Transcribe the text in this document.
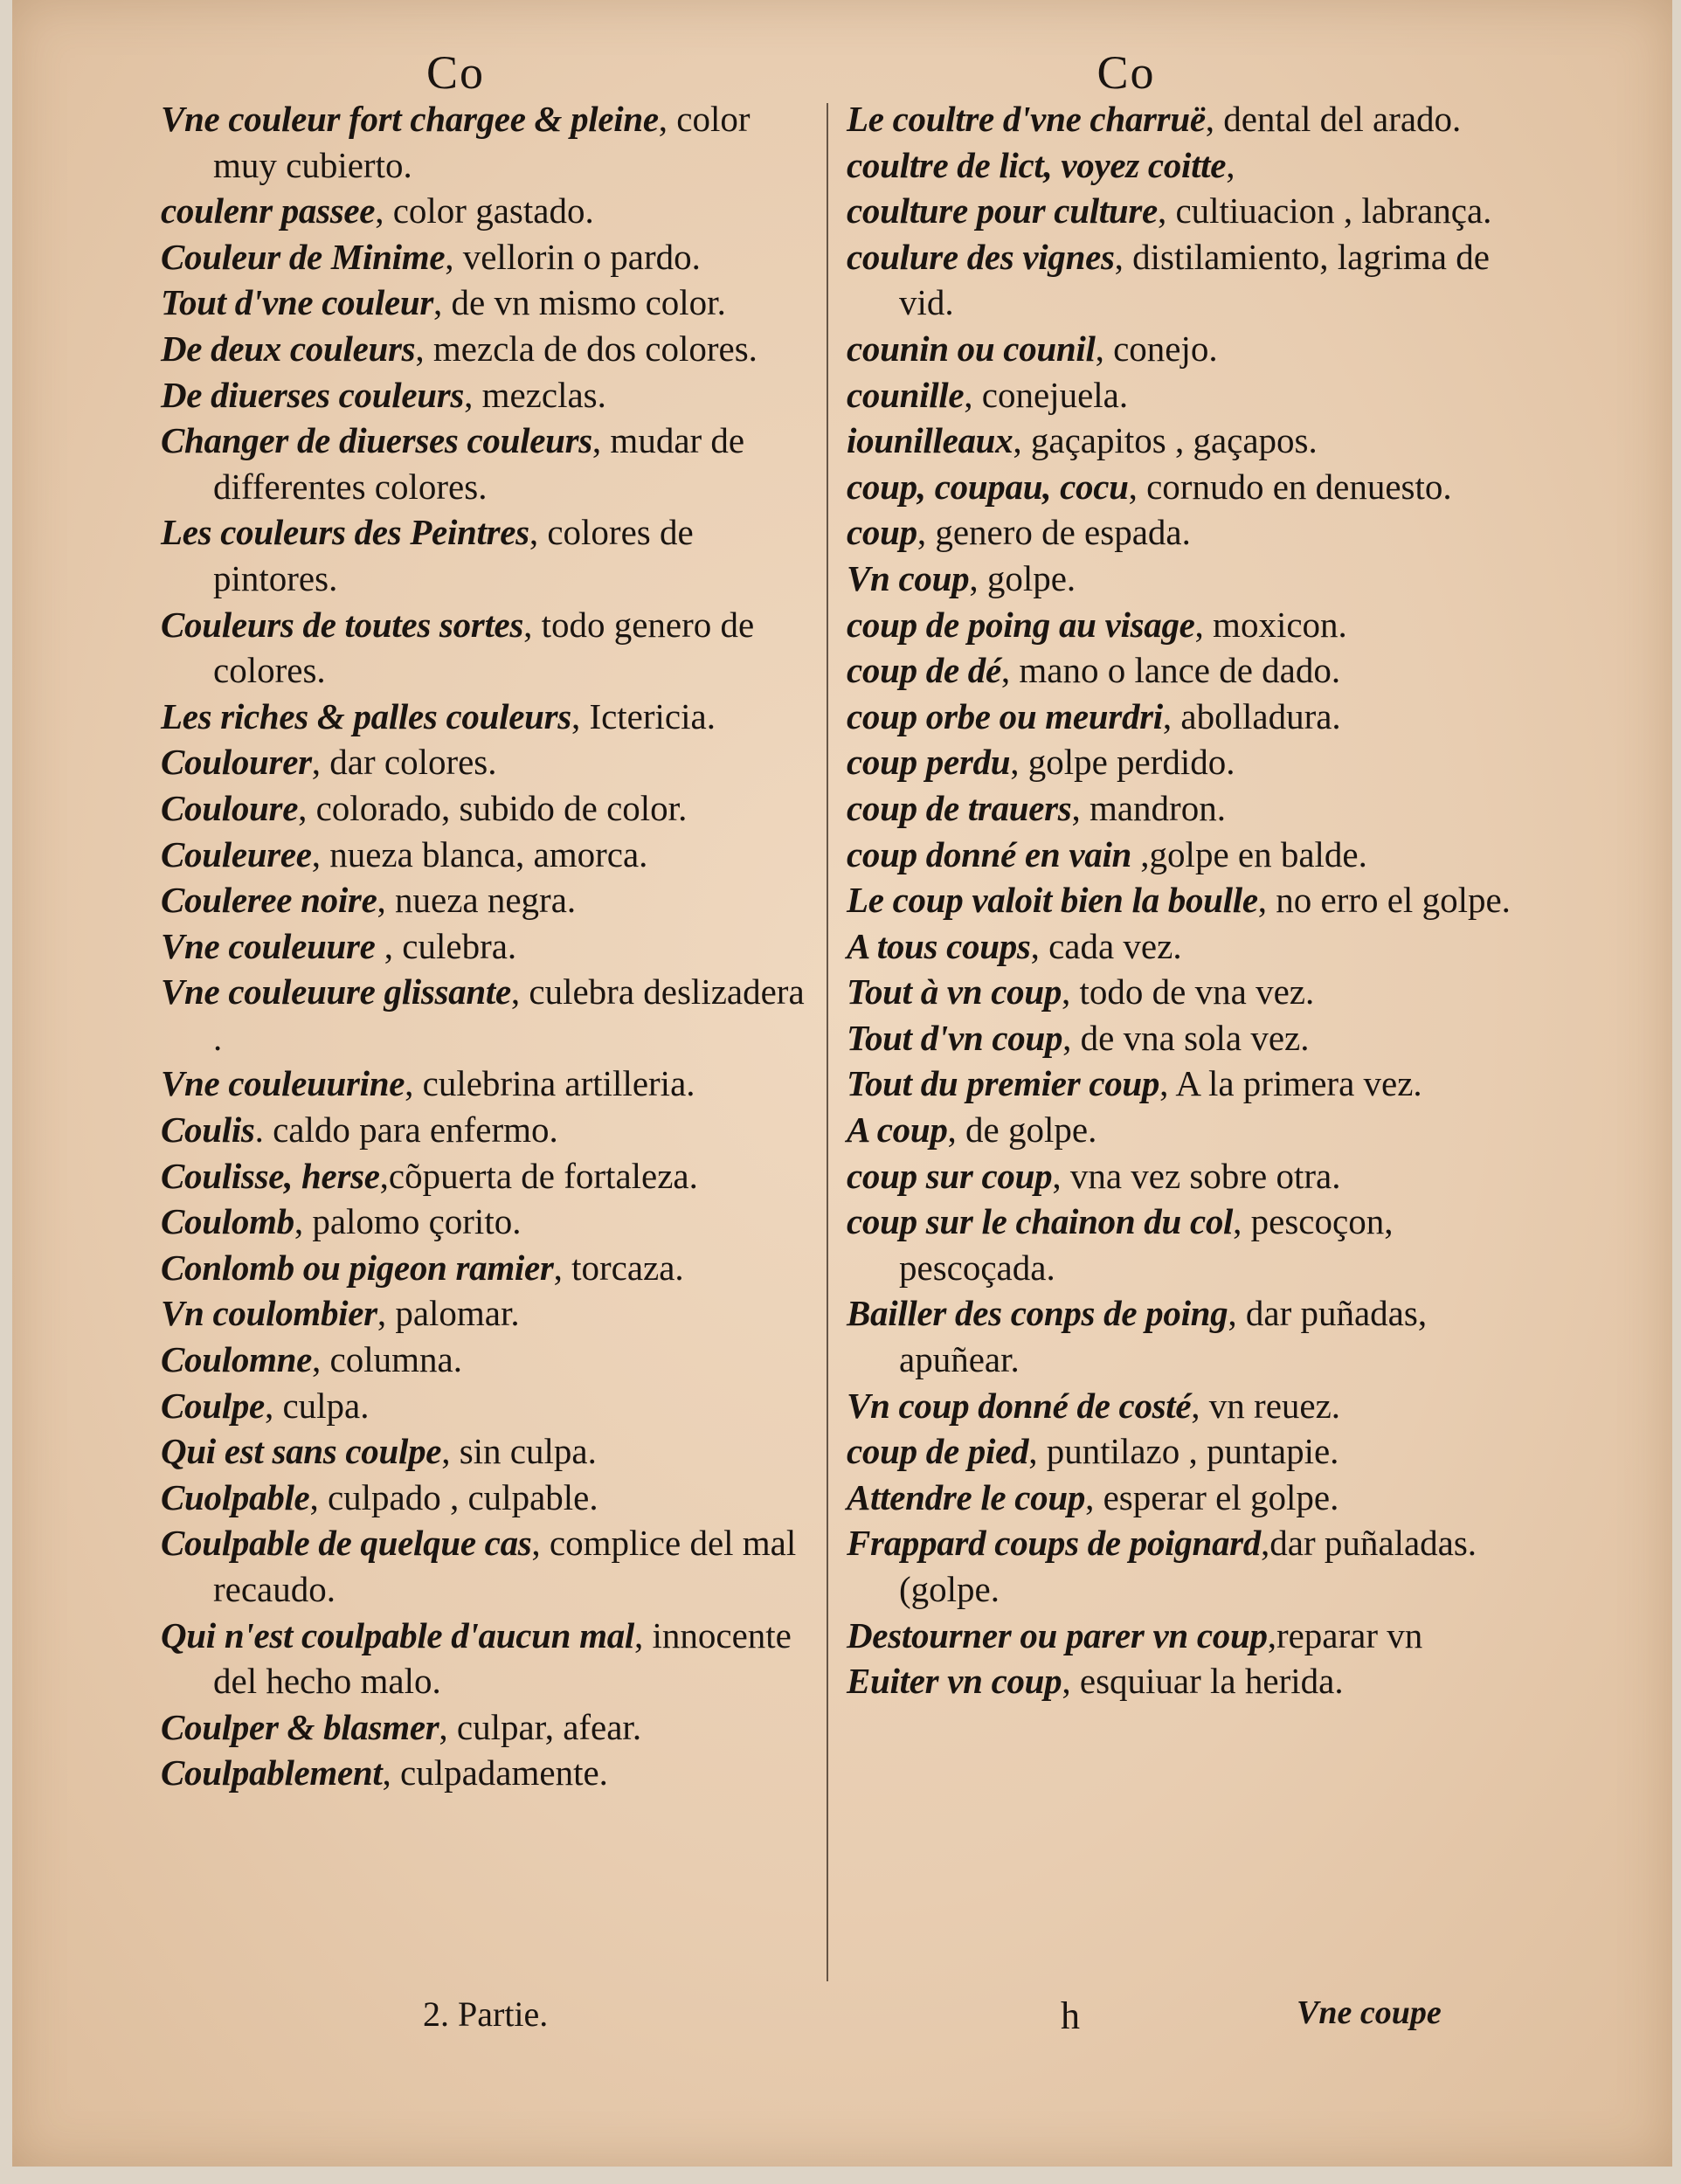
Co
Vne couleur fort chargee & pleine, color muy cubierto.
coulenr passee, color gastado.
Couleur de Minime, vellorin o pardo.
Tout d'vne couleur, de vn mismo color.
De deux couleurs, mezcla de dos colores.
De diuerses couleurs, mezclas.
Changer de diuerses couleurs, mudar de differentes colores.
Les couleurs des Peintres, colores de pintores.
Couleurs de toutes sortes, todo genero de colores.
Les riches & palles couleurs, Ictericia.
Coulourer, dar colores.
Couloure, colorado, subido de color.
Couleuree, nueza blanca, amorca.
Couleree noire, nueza negra.
Vne couleuure , culebra.
Vne couleuure glissante, culebra deslizadera .
Vne couleuurine, culebrina artilleria.
Coulis. caldo para enfermo.
Coulisse, herse,cõpuerta de fortaleza.
Coulomb, palomo çorito.
Conlomb ou pigeon ramier, torcaza.
Vn coulombier, palomar.
Coulomne, columna.
Coulpe, culpa.
Qui est sans coulpe, sin culpa.
Cuolpable, culpado , culpable.
Coulpable de quelque cas, complice del mal recaudo.
Qui n'est coulpable d'aucun mal, innocente del hecho malo.
Coulper & blasmer, culpar, afear.
Coulpablement, culpadamente.
Co
Le coultre d'vne charruë, dental del arado.
coultre de lict, voyez coitte,
coulture pour culture, cultiuacion , labrança.
coulure des vignes, distilamiento, lagrima de vid.
counin ou counil, conejo.
counille, conejuela.
iounilleaux, gaçapitos , gaçapos.
coup, coupau, cocu, cornudo en denuesto.
coup, genero de espada.
Vn coup, golpe.
coup de poing au visage, moxicon.
coup de dé, mano o lance de dado.
coup orbe ou meurdri, abolladura.
coup perdu, golpe perdido.
coup de trauers, mandron.
coup donné en vain ,golpe en balde.
Le coup valoit bien la boulle, no erro el golpe.
A tous coups, cada vez.
Tout à vn coup, todo de vna vez.
Tout d'vn coup, de vna sola vez.
Tout du premier coup, A la primera vez.
A coup, de golpe.
coup sur coup, vna vez sobre otra.
coup sur le chainon du col, pescoçon, pescoçada.
Bailler des conps de poing, dar puñadas, apuñear.
Vn coup donné de costé, vn reuez.
coup de pied, puntilazo , puntapie.
Attendre le coup, esperar el golpe.
Frappard coups de poignard,dar puñaladas. (golpe.
Destourner ou parer vn coup,reparar vn
Euiter vn coup, esquiuar la herida.
2. Partie.	h	Vne coupe
